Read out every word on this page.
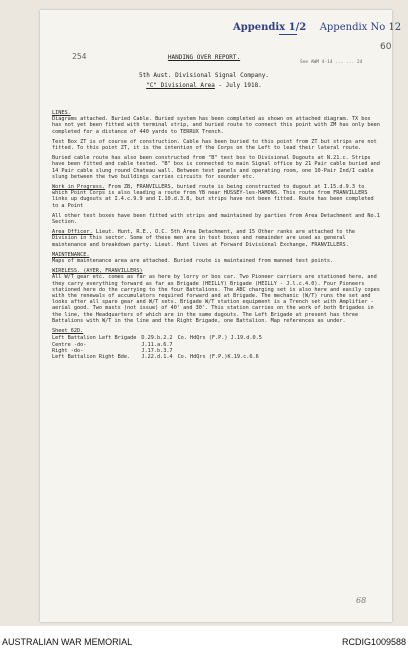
Appendix 1/2 Appendix No 12
60
254
See AWM 4-14 ... ... 24
HANDING OVER REPORT.
5th Aust. Divisional Signal Company.
"C" Divisional Area - July 1918.
LINES.

Diagrams attached. Buried Cable. Buried system has been completed as shown on attached diagram. TX box has not yet been fitted with terminal strip, and buried route to connect this point with ZM has only been completed for a distance of 440 yards to TERRUX Trench.

Test Box ZT is of course of construction. Cable has been buried to this point from ZT but strips are not fitted. To this point ZT, it is the intention of the Corps on the Left to lead their lateral route.

Buried cable route has also been constructed from "B" test box to Divisional Dugouts at N.21.c. Strips have been fitted and cable tested. "B" box is connected to main Signal office by 21 Pair cable buried and 14 Pair cable slung round Chateau wall. Between test panels and operating room, one 10-Pair Ind/I cable slung between the two buildings carries circuits for sounder etc.

Work in Progress. From ZB, FRANVILLERS, buried route is being constructed to dugout at I.15.d.9.3 to which Point Corps is also leading a route from YB near HUSSEY-les-HAMONS. This route from FRANVILLERS links up dugouts at I.4.c.9.9 and I.10.d.3.8, but strips have not been fitted. Route has been completed to a Point

All other test boxes have been fitted with strips and maintained by parties from Area Detachment and No.1 Section.

Area Officer. Lieut. Hunt, R.E., O.C. 5th Area Detachment, and 15 Other ranks are attached to the Division in this sector. Some of these men are in test boxes and remainder are used as general maintenance and breakdown party. Lieut. Hunt lives at Forward Divisional Exchange, FRANVILLERS.

MAINTENANCE.

Maps of maintenance area are attached. Buried route is maintained from manned test points.

WIRELESS. (AYER, FRANVILLERS)

All W/T gear etc. comes as far as here by lorry or box car. Two Pioneer carriers are stationed here, and they carry everything forward as far as Brigade (HEILLY) Brigade (HEILLY - J.l.c.4.0). Four Pioneers stationed here do the carrying to the four Battalions. The ABC charging set is also here and easily copes with the renewals of accumulators required forward and at Brigade. The mechanic (W/T) runs the set and looks after all spare gear and W/T sets. Brigade W/T station equipment is a Trench set with Amplifier - aerial good. Two masts (not issue) of 40' and 30'. This station carries on the work of both Brigades in the line, the Headquarters of which are in the same dugouts. The Left Brigade at present has three Battalions with W/T in the line and the Right Brigade, one Battalion. Map references as under.

Sheet 62D.
Left Battalion Left Brigade	D.29.b.2.2	Co. HdQrs (F.P.) J.19.d.0.5
Centre -do-	J.11.a.6.7	
Right -do-	J.17.b.3.7	
Left Battalion Right Bde.	J.22.d.1.4	Co. HdQrs (F.P.)K.19.c.6.6
68
AUSTRALIAN WAR MEMORIAL	RCDIG1009588
